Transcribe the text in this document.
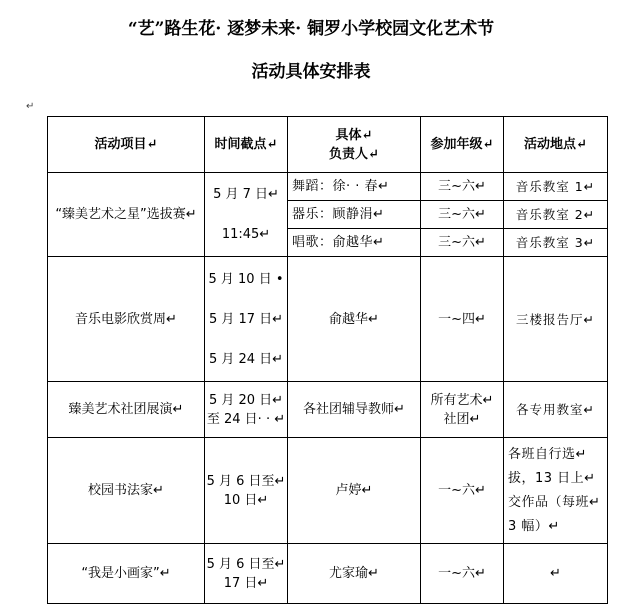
“艺”路生花· 逐梦未来· 铜罗小学校园文化艺术节
活动具体安排表
↵
活动项目↵	时间截点↵	具体↵
负责人↵	参加年级↵	活动地点↵
“臻美艺术之星”选拔赛↵	5 月 7 日↵
11:45↵	舞蹈：徐· · 春↵	三~六↵	音乐教室 1↵
		器乐：顾静涓↵	三~六↵	音乐教室 2↵
		唱歌：俞越华↵	三~六↵	音乐教室 3↵
音乐电影欣赏周↵	5 月 10 日 •
5 月 17 日↵
5 月 24 日↵	俞越华↵	一~四↵	三楼报告厅↵
臻美艺术社团展演↵	5 月 20 日↵
至 24 日· · ↵	各社团辅导教师↵	所有艺术↵
社团↵	各专用教室↵
校园书法家↵	5 月 6 日至↵
10 日↵	卢婷↵	一~六↵	各班自行选↵
拔，13 日上↵
交作品（每班↵
3 幅）↵

“我是小画家”↵	5 月 6 日至↵
17 日↵	尤家瑜↵	一~六↵	↵
